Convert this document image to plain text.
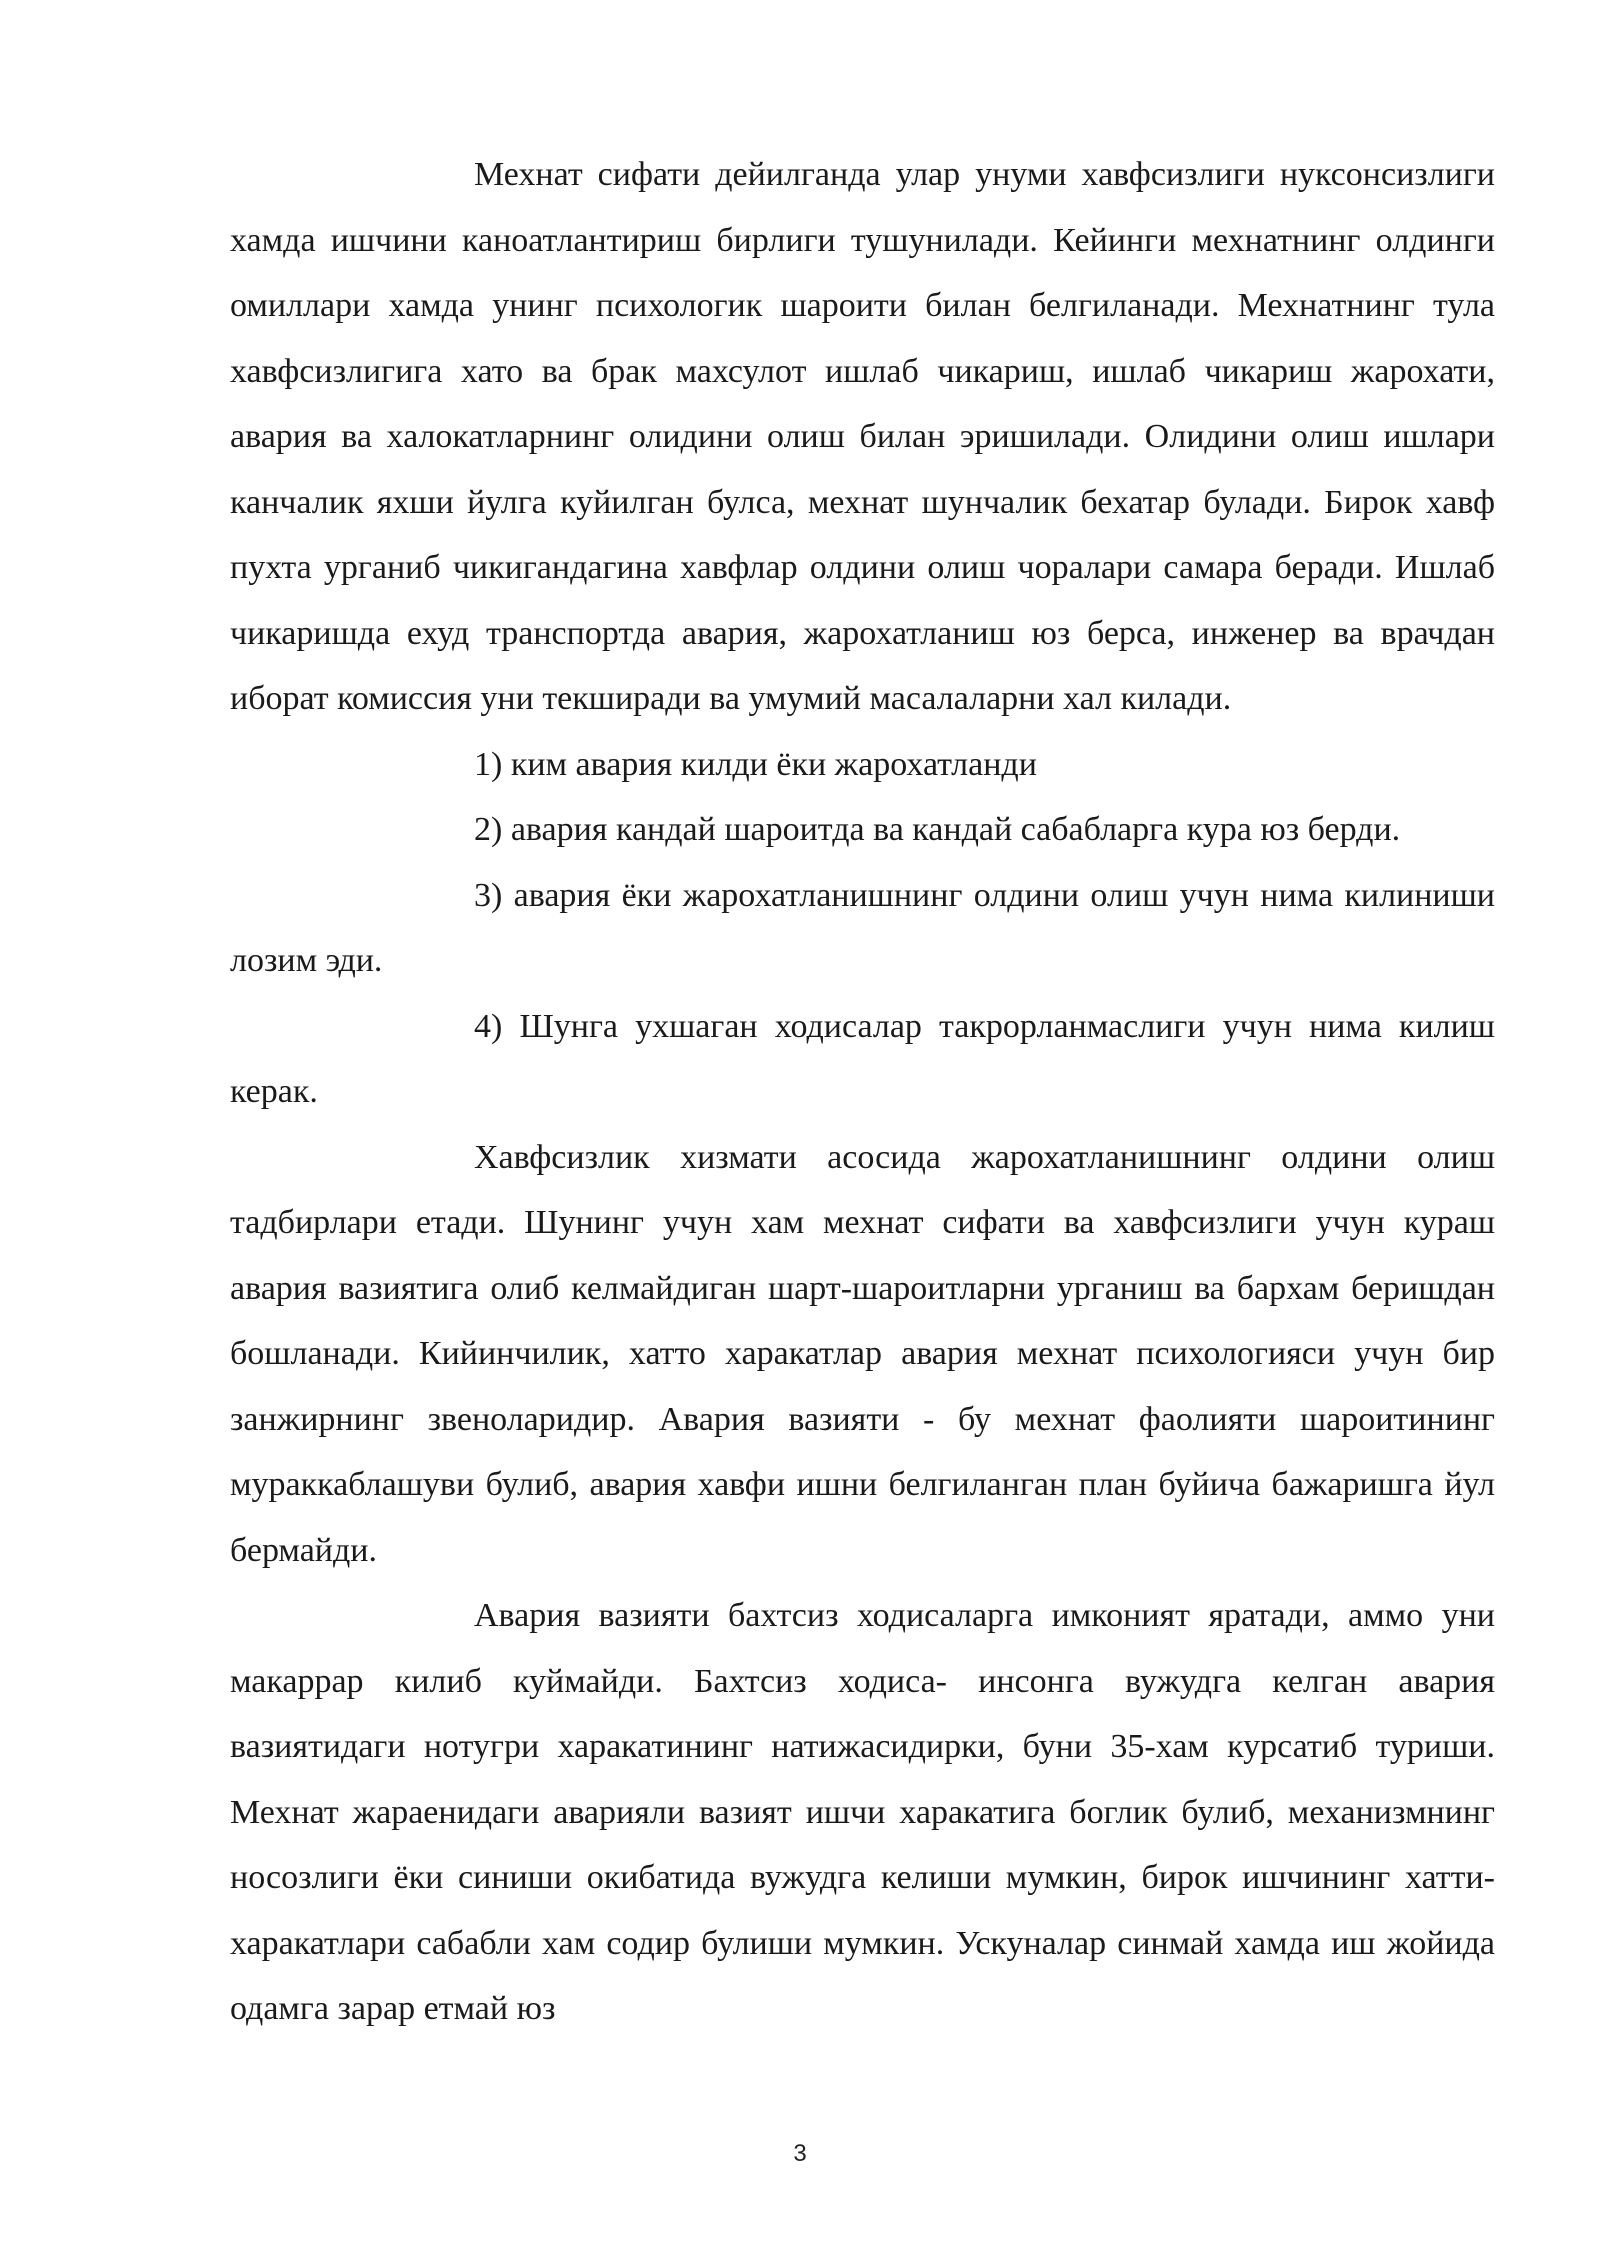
Мехнат сифати дейилганда улар унуми хавфсизлиги нуксонсизлиги хамда ишчини каноатлантириш бирлиги тушунилади. Кейинги мехнатнинг олдинги омиллари хамда унинг психологик шароити билан белгиланади. Мехнатнинг тула хавфсизлигига хато ва брак махсулот ишлаб чикариш, ишлаб чикариш жарохати, авария ва халокатларнинг олидини олиш билан эришилади. Олидини олиш ишлари канчалик яхши йулга куйилган булса, мехнат шунчалик бехатар булади. Бирок хавф пухта урганиб чикигандагина хавфлар олдини олиш чоралари самара беради. Ишлаб чикаришда ехуд транспортда авария, жарохатланиш юз берса, инженер ва врачдан иборат комиссия уни текширади ва умумий масалаларни хал килади.

1) ким авария килди ёки жарохатланди

2) авария кандай шароитда ва кандай сабабларга кура юз берди.

3) авария ёки жарохатланишнинг олдини олиш учун нима килиниши лозим эди.

4) Шунга ухшаган ходисалар такрорланмаслиги учун нима килиш керак.

Хавфсизлик хизмати асосида жарохатланишнинг олдини олиш тадбирлари етади. Шунинг учун хам мехнат сифати ва хавфсизлиги учун кураш авария вазиятига олиб келмайдиган шарт-шароитларни урганиш ва бархам беришдан бошланади. Кийинчилик, хатто харакатлар авария мехнат психологияси учун бир занжирнинг звеноларидир. Авария вазияти - бу мехнат фаолияти шароитининг мураккаблашуви булиб, авария хавфи ишни белгиланган план буйича бажаришга йул бермайди.

Авария вазияти бахтсиз ходисаларга имконият яратади, аммо уни макаррар килиб куймайди. Бахтсиз ходиса- инсонга вужудга келган авария вазиятидаги нотугри харакатининг натижасидирки, буни 35-хам курсатиб туриши. Мехнат жараенидаги аварияли вазият ишчи харакатига боглик булиб, механизмнинг носозлиги ёки синиши окибатида вужудга келиши мумкин, бирок ишчининг хатти-харакатлари сабабли хам содир булиши мумкин. Ускуналар синмай хамда иш жойида одамга зарар етмай юз

3
